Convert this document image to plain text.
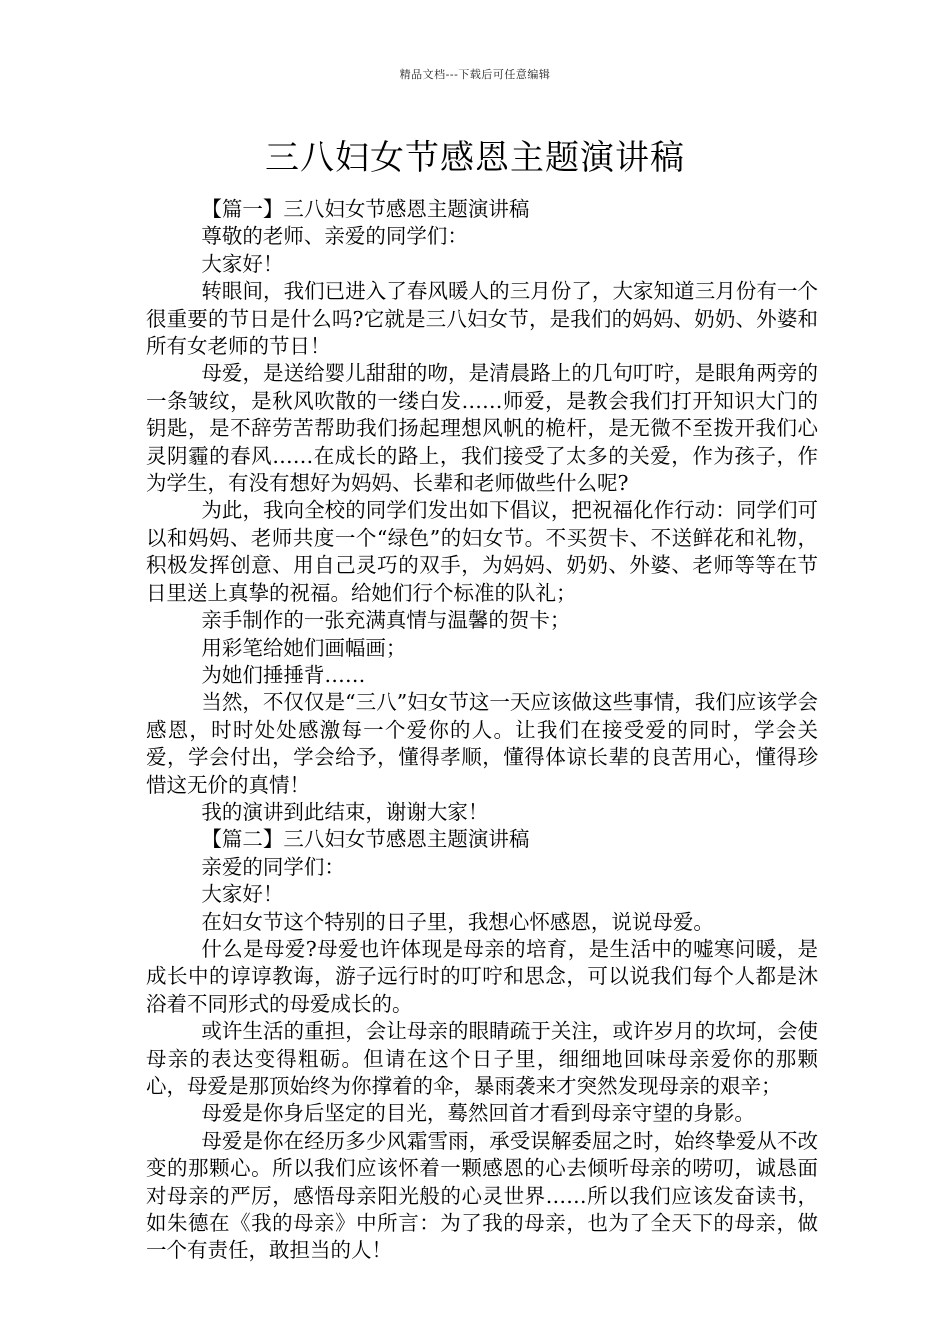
精品文档---下载后可任意编辑
三八妇女节感恩主题演讲稿

【篇一】三八妇女节感恩主题演讲稿

尊敬的老师、亲爱的同学们：

大家好！

转眼间，我们已进入了春风暖人的三月份了，大家知道三月份有一个很重要的节日是什么吗?它就是三八妇女节，是我们的妈妈、奶奶、外婆和所有女老师的节日！

母爱，是送给婴儿甜甜的吻，是清晨路上的几句叮咛，是眼角两旁的一条皱纹，是秋风吹散的一缕白发……师爱，是教会我们打开知识大门的钥匙，是不辞劳苦帮助我们扬起理想风帆的桅杆，是无微不至拨开我们心灵阴霾的春风……在成长的路上，我们接受了太多的关爱，作为孩子，作为学生，有没有想好为妈妈、长辈和老师做些什么呢?

为此，我向全校的同学们发出如下倡议，把祝福化作行动：同学们可以和妈妈、老师共度一个“绿色”的妇女节。不买贺卡、不送鲜花和礼物，积极发挥创意、用自己灵巧的双手，为妈妈、奶奶、外婆、老师等等在节日里送上真挚的祝福。给她们行个标准的队礼；

亲手制作的一张充满真情与温馨的贺卡；

用彩笔给她们画幅画；

为她们捶捶背……

当然，不仅仅是“三八”妇女节这一天应该做这些事情，我们应该学会感恩，时时处处感激每一个爱你的人。让我们在接受爱的同时，学会关爱，学会付出，学会给予，懂得孝顺，懂得体谅长辈的良苦用心，懂得珍惜这无价的真情！

我的演讲到此结束，谢谢大家！

【篇二】三八妇女节感恩主题演讲稿

亲爱的同学们：

大家好！

在妇女节这个特别的日子里，我想心怀感恩，说说母爱。

什么是母爱?母爱也许体现是母亲的培育，是生活中的嘘寒问暖，是成长中的谆谆教诲，游子远行时的叮咛和思念，可以说我们每个人都是沐浴着不同形式的母爱成长的。

或许生活的重担，会让母亲的眼睛疏于关注，或许岁月的坎坷，会使母亲的表达变得粗砺。但请在这个日子里，细细地回味母亲爱你的那颗心，母爱是那顶始终为你撑着的伞，暴雨袭来才突然发现母亲的艰辛；

母爱是你身后坚定的目光，蓦然回首才看到母亲守望的身影。

母爱是你在经历多少风霜雪雨，承受误解委屈之时，始终挚爱从不改变的那颗心。所以我们应该怀着一颗感恩的心去倾听母亲的唠叨，诚恳面对母亲的严厉，感悟母亲阳光般的心灵世界……所以我们应该发奋读书，如朱德在《我的母亲》中所言：为了我的母亲，也为了全天下的母亲，做一个有责任，敢担当的人！
